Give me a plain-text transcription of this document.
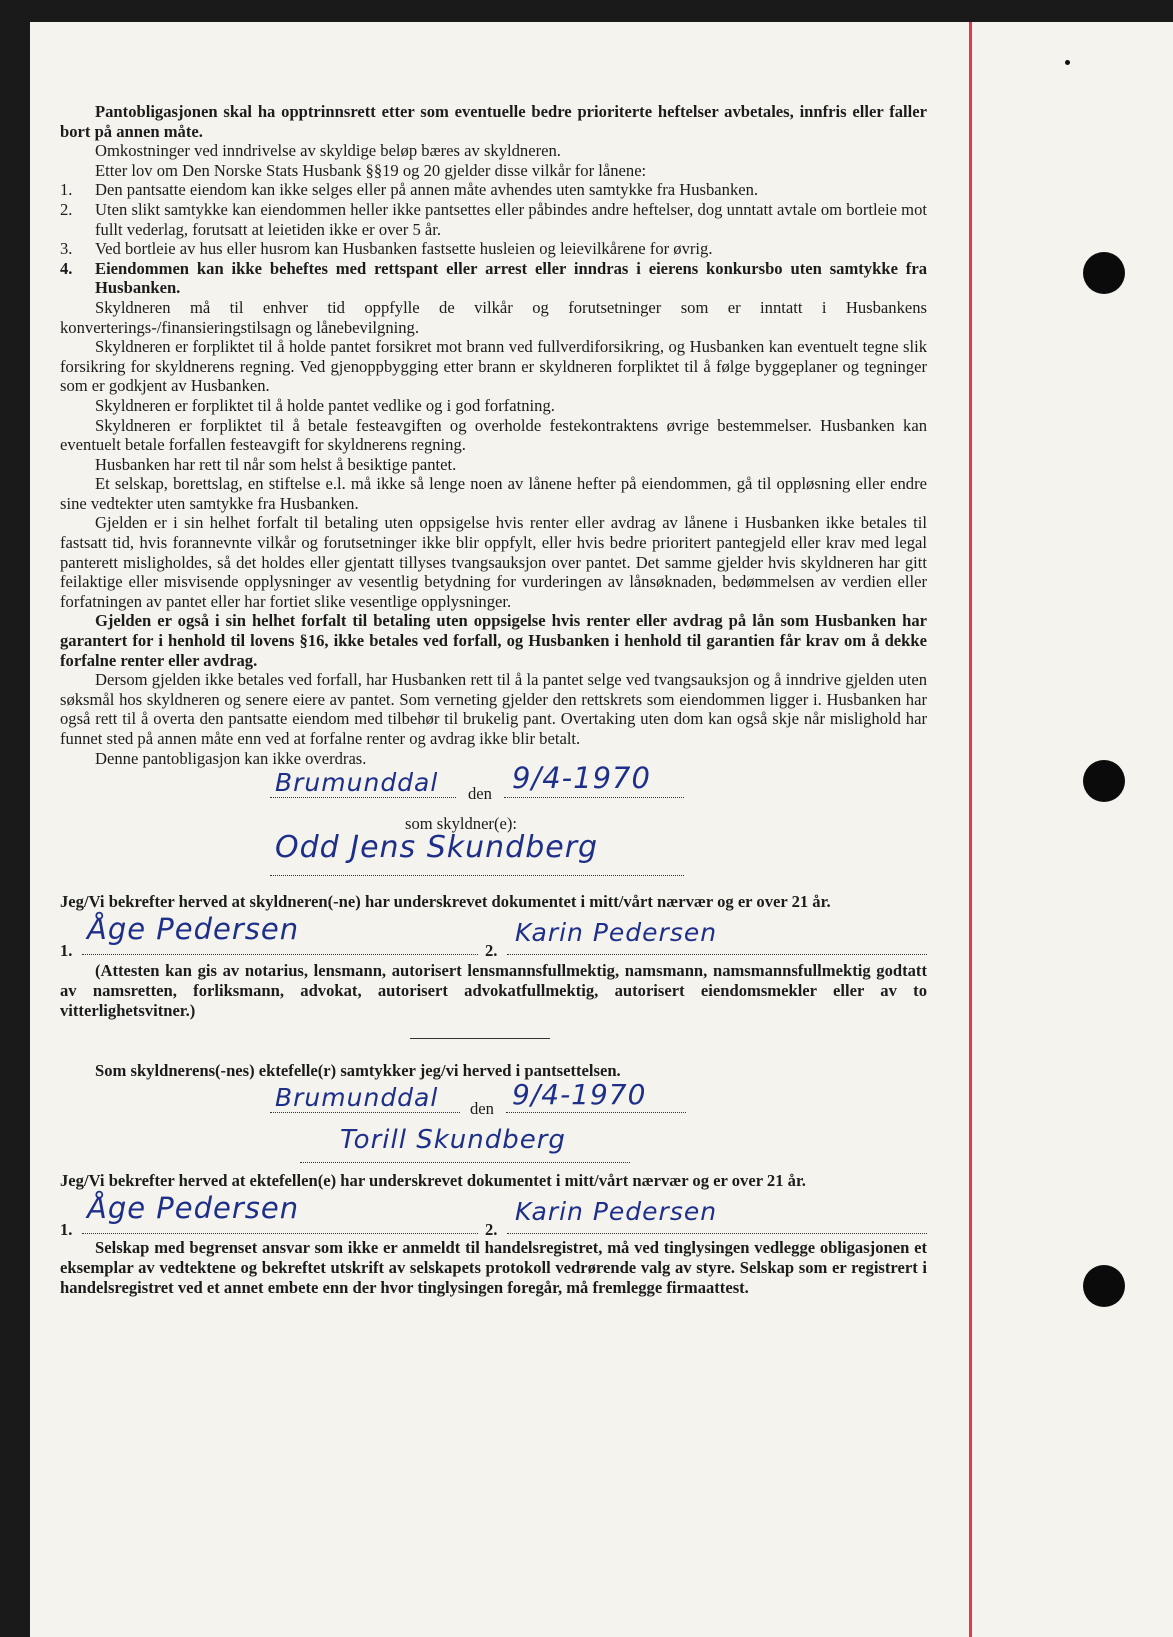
Pantobligasjonen skal ha opptrinnsrett etter som eventuelle bedre prioriterte heftelser avbetales, innfris eller faller bort på annen måte.

Omkostninger ved inndrivelse av skyldige beløp bæres av skyldneren.

Etter lov om Den Norske Stats Husbank §§19 og 20 gjelder disse vilkår for lånene:

1.	Den pantsatte eiendom kan ikke selges eller på annen måte avhendes uten samtykke fra Husbanken.
2.	Uten slikt samtykke kan eiendommen heller ikke pantsettes eller påbindes andre heftelser, dog unntatt avtale om bortleie mot fullt vederlag, forutsatt at leietiden ikke er over 5 år.
3.	Ved bortleie av hus eller husrom kan Husbanken fastsette husleien og leievilkårene for øvrig.
4.	Eiendommen kan ikke beheftes med rettspant eller arrest eller inndras i eierens konkursbo uten samtykke fra Husbanken.

Skyldneren må til enhver tid oppfylle de vilkår og forutsetninger som er inntatt i Husbankens konverterings-/finansieringstilsagn og lånebevilgning.

Skyldneren er forpliktet til å holde pantet forsikret mot brann ved fullverdiforsikring, og Husbanken kan eventuelt tegne slik forsikring for skyldnerens regning. Ved gjenoppbygging etter brann er skyldneren forpliktet til å følge byggeplaner og tegninger som er godkjent av Husbanken.

Skyldneren er forpliktet til å holde pantet vedlike og i god forfatning.

Skyldneren er forpliktet til å betale festeavgiften og overholde festekontraktens øvrige bestemmelser. Husbanken kan eventuelt betale forfallen festeavgift for skyldnerens regning.

Husbanken har rett til når som helst å besiktige pantet.

Et selskap, borettslag, en stiftelse e.l. må ikke så lenge noen av lånene hefter på eiendommen, gå til oppløsning eller endre sine vedtekter uten samtykke fra Husbanken.

Gjelden er i sin helhet forfalt til betaling uten oppsigelse hvis renter eller avdrag av lånene i Husbanken ikke betales til fastsatt tid, hvis forannevnte vilkår og forutsetninger ikke blir oppfylt, eller hvis bedre prioritert pantegjeld eller krav med legal panterett misligholdes, så det holdes eller gjentatt tillyses tvangsauksjon over pantet. Det samme gjelder hvis skyldneren har gitt feilaktige eller misvisende opplysninger av vesentlig betydning for vurderingen av lånsøknaden, bedømmelsen av verdien eller forfatningen av pantet eller har fortiet slike vesentlige opplysninger.

Gjelden er også i sin helhet forfalt til betaling uten oppsigelse hvis renter eller avdrag på lån som Husbanken har garantert for i henhold til lovens §16, ikke betales ved forfall, og Husbanken i henhold til garantien får krav om å dekke forfalne renter eller avdrag.

Dersom gjelden ikke betales ved forfall, har Husbanken rett til å la pantet selge ved tvangsauksjon og å inndrive gjelden uten søksmål hos skyldneren og senere eiere av pantet. Som verneting gjelder den rettskrets som eiendommen ligger i. Husbanken har også rett til å overta den pantsatte eiendom med tilbehør til brukelig pant. Overtaking uten dom kan også skje når mislighold har funnet sted på annen måte enn ved at forfalne renter og avdrag ikke blir betalt.

Denne pantobligasjon kan ikke overdras.

Brumunddal den 9/4-1970

som skyldner(e):

Odd Jens Skundberg

Jeg/Vi bekrefter herved at skyldneren(-ne) har underskrevet dokumentet i mitt/vårt nærvær og er over 21 år.

1.
Åge Pedersen
2.
Karin Pedersen

(Attesten kan gis av notarius, lensmann, autorisert lensmannsfullmektig, namsmann, namsmannsfullmektig godtatt av namsretten, forliksmann, advokat, autorisert advokatfullmektig, autorisert eiendomsmekler eller av to vitterlighetsvitner.)

Som skyldnerens(-nes) ektefelle(r) samtykker jeg/vi herved i pantsettelsen.

Brumunddal den 9/4-1970
Torill Skundberg

Jeg/Vi bekrefter herved at ektefellen(e) har underskrevet dokumentet i mitt/vårt nærvær og er over 21 år.

1.
Åge Pedersen
2.
Karin Pedersen

Selskap med begrenset ansvar som ikke er anmeldt til handelsregistret, må ved tinglysingen vedlegge obligasjonen et eksemplar av vedtektene og bekreftet utskrift av selskapets protokoll vedrørende valg av styre. Selskap som er registrert i handelsregistret ved et annet embete enn der hvor tinglysingen foregår, må fremlegge firmaattest.
